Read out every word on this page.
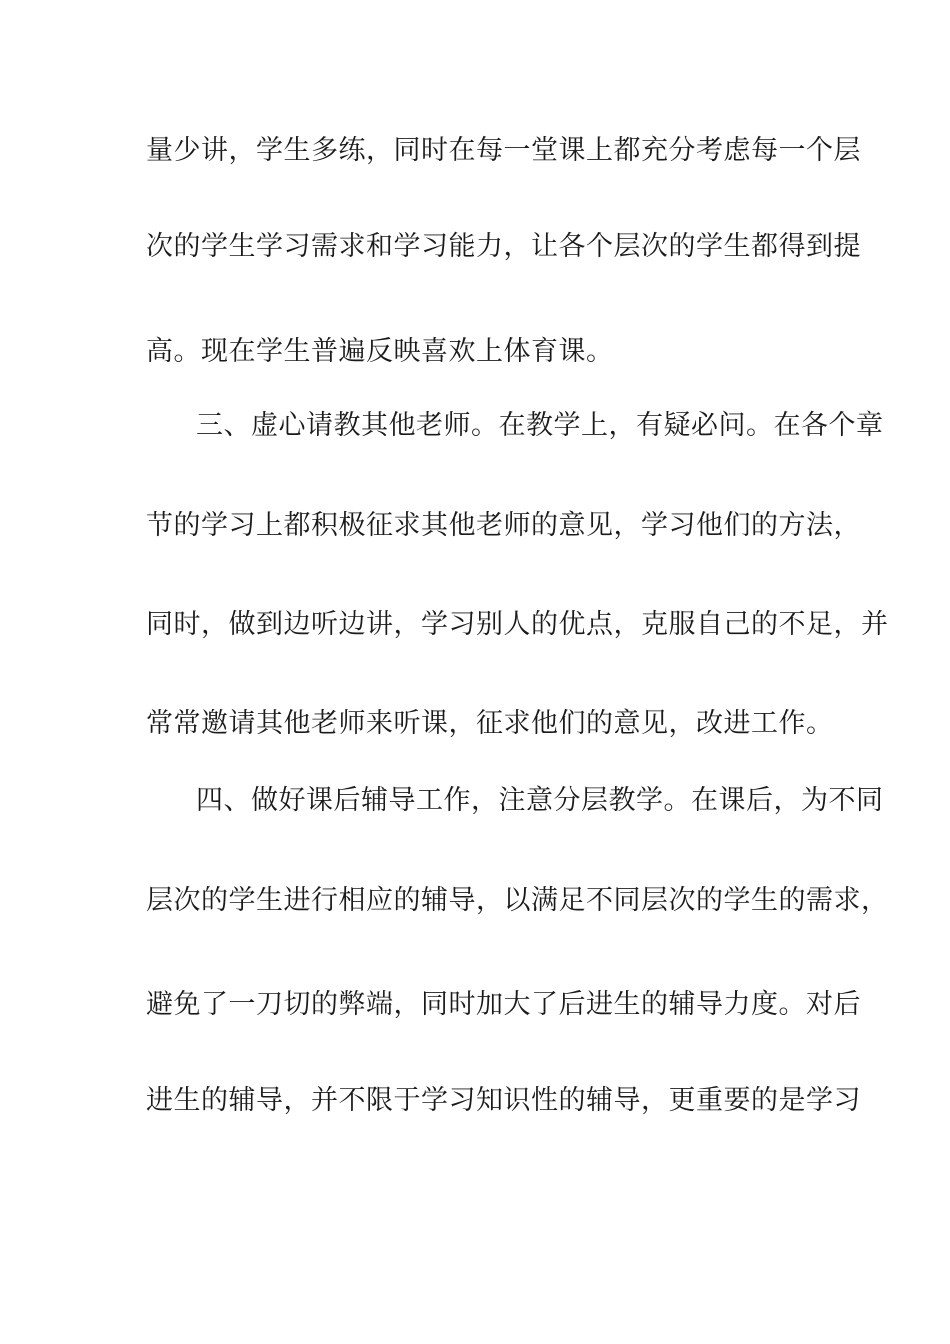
量少讲，学生多练，同时在每一堂课上都充分考虑每一个层
次的学生学习需求和学习能力，让各个层次的学生都得到提
高。现在学生普遍反映喜欢上体育课。
三、虚心请教其他老师。在教学上，有疑必问。在各个章
节的学习上都积极征求其他老师的意见，学习他们的方法，
同时，做到边听边讲，学习别人的优点，克服自己的不足，并
常常邀请其他老师来听课，征求他们的意见，改进工作。
四、做好课后辅导工作，注意分层教学。在课后，为不同
层次的学生进行相应的辅导，以满足不同层次的学生的需求，
避免了一刀切的弊端，同时加大了后进生的辅导力度。对后
进生的辅导，并不限于学习知识性的辅导，更重要的是学习
